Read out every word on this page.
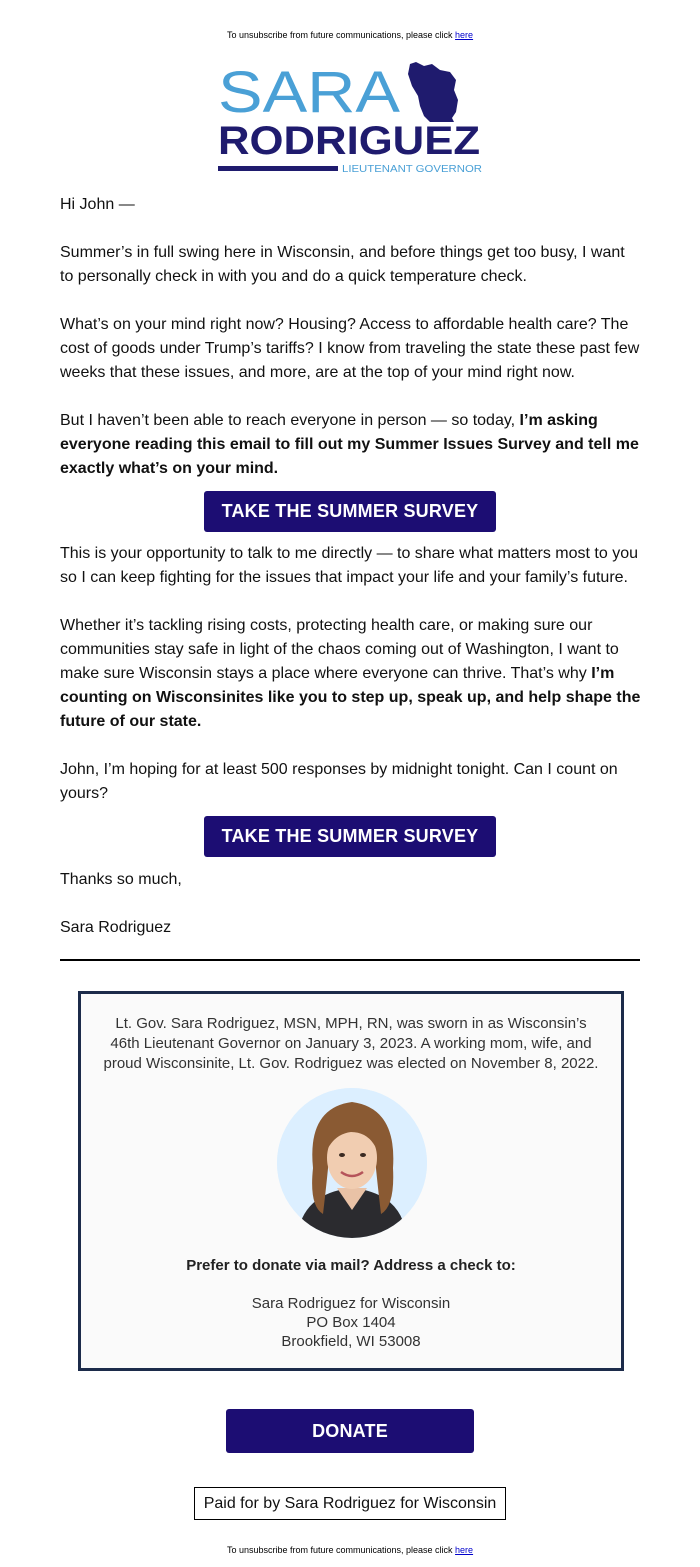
To unsubscribe from future communications, please click here
SARA
RODRIGUEZ
LIEUTENANT GOVERNOR

Hi John —

Summer’s in full swing here in Wisconsin, and before things get too busy, I want to personally check in with you and do a quick temperature check.

What’s on your mind right now? Housing? Access to affordable health care? The cost of goods under Trump’s tariffs? I know from traveling the state these past few weeks that these issues, and more, are at the top of your mind right now.

But I haven’t been able to reach everyone in person — so today, I’m asking everyone reading this email to fill out my Summer Issues Survey and tell me exactly what’s on your mind.

TAKE THE SUMMER SURVEY

This is your opportunity to talk to me directly — to share what matters most to you so I can keep fighting for the issues that impact your life and your family’s future.

Whether it’s tackling rising costs, protecting health care, or making sure our communities stay safe in light of the chaos coming out of Washington, I want to make sure Wisconsin stays a place where everyone can thrive. That’s why I’m counting on Wisconsinites like you to step up, speak up, and help shape the future of our state.

John, I’m hoping for at least 500 responses by midnight tonight. Can I count on yours?

TAKE THE SUMMER SURVEY

Thanks so much,

Sara Rodriguez

Lt. Gov. Sara Rodriguez, MSN, MPH, RN, was sworn in as Wisconsin’s 46th Lieutenant Governor on January 3, 2023. A working mom, wife, and proud Wisconsinite, Lt. Gov. Rodriguez was elected on November 8, 2022.
Prefer to donate via mail? Address a check to:
Sara Rodriguez for Wisconsin
PO Box 1404
Brookfield, WI 53008
DONATE
Paid for by Sara Rodriguez for Wisconsin
To unsubscribe from future communications, please click here
